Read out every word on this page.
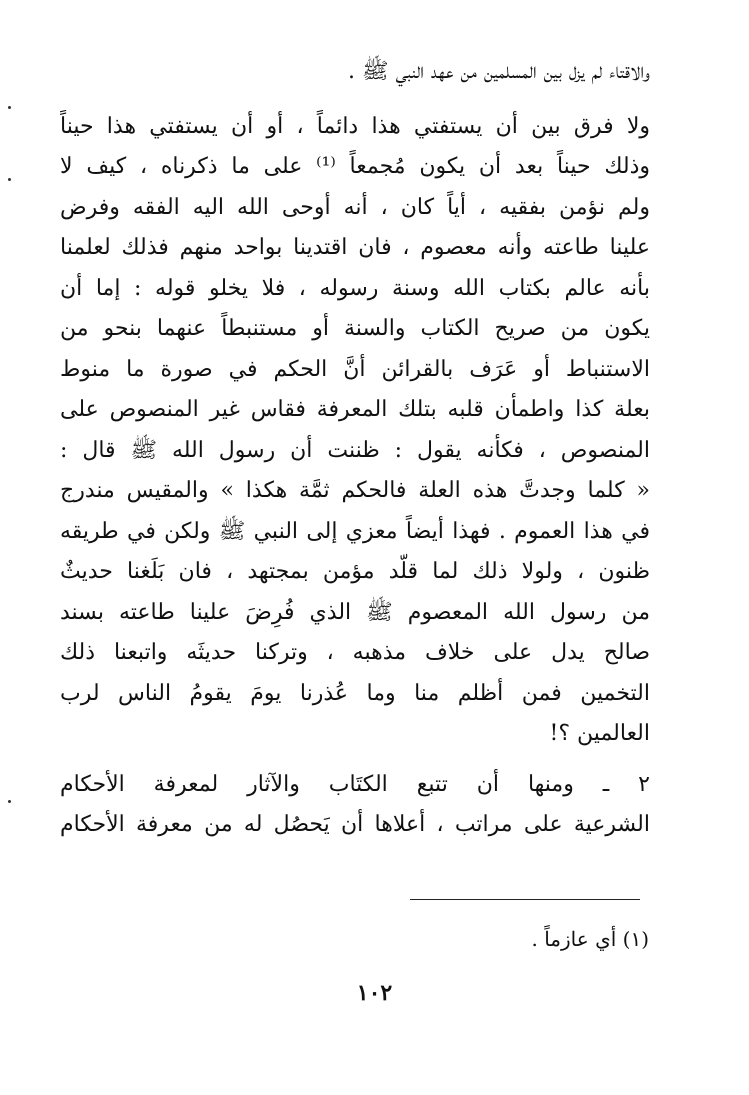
والاقتاء لم يزل بين المسلمين من عهد النبي ﷺ .
ولا فرق بين أن يستفتي هذا دائماً ، أو أن يستفتي هذا حيناً
وذلك حيناً بعد أن يكون مُجمعاً ⁽¹⁾ على ما ذكرناه ، كيف لا
ولم نؤمن بفقيه ، أياً كان ، أنه أوحى الله اليه الفقه وفرض
علينا طاعته وأنه معصوم ، فان اقتدينا بواحد منهم فذلك لعلمنا
بأنه عالم بكتاب الله وسنة رسوله ، فلا يخلو قوله : إما أن
يكون من صريح الكتاب والسنة أو مستنبطاً عنهما بنحو من
الاستنباط أو عَرَف بالقرائن أنَّ الحكم في صورة ما منوط
بعلة كذا واطمأن قلبه بتلك المعرفة فقاس غير المنصوص على
المنصوص ، فكأنه يقول : ظننت أن رسول الله ﷺ قال :
« كلما وجدتَّ هذه العلة فالحكم ثمَّة هكذا » والمقيس مندرج
في هذا العموم . فهذا أيضاً معزي إلى النبي ﷺ ولكن في طريقه
ظنون ، ولولا ذلك لما قلّد مؤمن بمجتهد ، فان بَلَغنا حديثٌ
من رسول الله المعصوم ﷺ الذي فُرِضَ علينا طاعته بسند
صالح يدل على خلاف مذهبه ، وتركنا حديثَه واتبعنا ذلك
التخمين فمن أظلم منا وما عُذرنا يومَ يقومُ الناس لرب
العالمين ؟!
٢ ـ ومنها أن تتبع الكتَاب والآثار لمعرفة الأحكام
الشرعية على مراتب ، أعلاها أن يَحصُل له من معرفة الأحكام
(١) أي عازماً .
١٠٢
